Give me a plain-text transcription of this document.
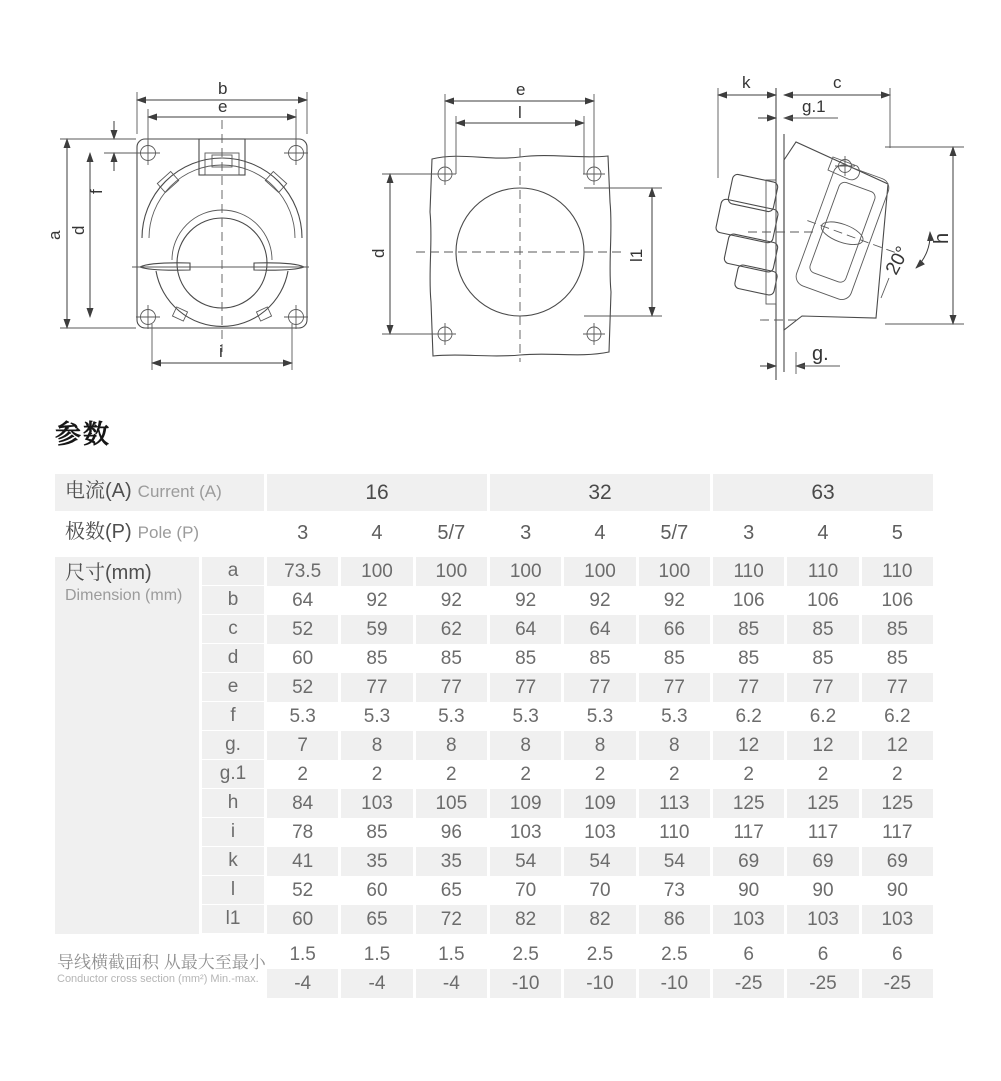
b
e
f
a
d
i
e
l
d	l1
k	c
g.1
h
20°
g.
参数
电流(A) Current (A)	16	32	63
极数(P) Pole (P)	3	4	5/7	3	4	5/7	3	4	5
尺寸(mm)
Dimension (mm)
a	73.5	100	100	100	100	100	110	110	110
b	64	92	92	92	92	92	106	106	106
c	52	59	62	64	64	66	85	85	85
d	60	85	85	85	85	85	85	85	85
e	52	77	77	77	77	77	77	77	77
f	5.3	5.3	5.3	5.3	5.3	5.3	6.2	6.2	6.2
g.	7	8	8	8	8	8	12	12	12
g.1	2	2	2	2	2	2	2	2	2
h	84	103	105	109	109	113	125	125	125
i	78	85	96	103	103	110	117	117	117
k	41	35	35	54	54	54	69	69	69
l	52	60	65	70	70	73	90	90	90
l1	60	65	72	82	82	86	103	103	103
导线横截面积 从最大至最小
Conductor cross section (mm²) Min.-max.
1.5	1.5	1.5	2.5	2.5	2.5	6	6	6
-4	-4	-4	-10	-10	-10	-25	-25	-25
